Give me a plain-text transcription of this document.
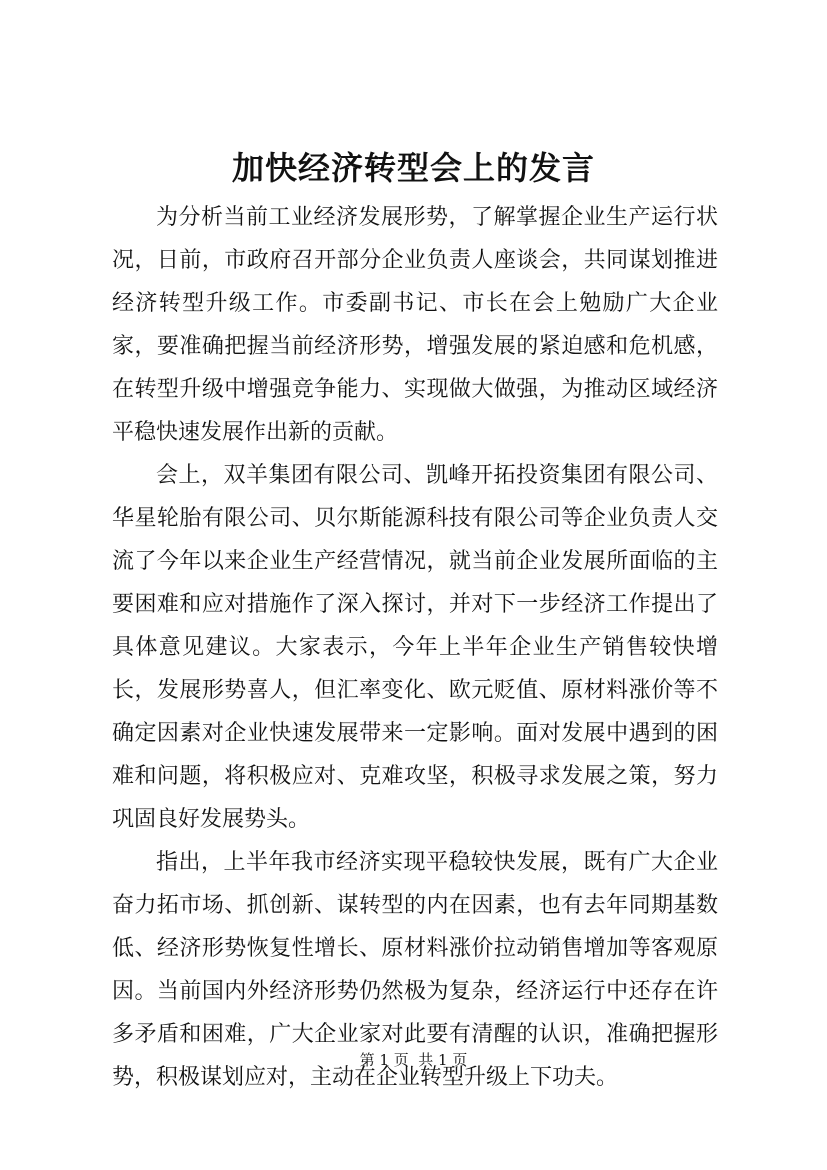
加快经济转型会上的发言

为分析当前工业经济发展形势，了解掌握企业生产运行状况，日前，市政府召开部分企业负责人座谈会，共同谋划推进经济转型升级工作。市委副书记、市长在会上勉励广大企业家，要准确把握当前经济形势，增强发展的紧迫感和危机感，在转型升级中增强竞争能力、实现做大做强，为推动区域经济平稳快速发展作出新的贡献。

会上，双羊集团有限公司、凯峰开拓投资集团有限公司、华星轮胎有限公司、贝尔斯能源科技有限公司等企业负责人交流了今年以来企业生产经营情况，就当前企业发展所面临的主要困难和应对措施作了深入探讨，并对下一步经济工作提出了具体意见建议。大家表示，今年上半年企业生产销售较快增长，发展形势喜人，但汇率变化、欧元贬值、原材料涨价等不确定因素对企业快速发展带来一定影响。面对发展中遇到的困难和问题，将积极应对、克难攻坚，积极寻求发展之策，努力巩固良好发展势头。

指出，上半年我市经济实现平稳较快发展，既有广大企业奋力拓市场、抓创新、谋转型的内在因素，也有去年同期基数低、经济形势恢复性增长、原材料涨价拉动销售增加等客观原因。当前国内外经济形势仍然极为复杂，经济运行中还存在许多矛盾和困难，广大企业家对此要有清醒的认识，准确把握形势，积极谋划应对，主动在企业转型升级上下功夫。

第 1 页  共 1 页
